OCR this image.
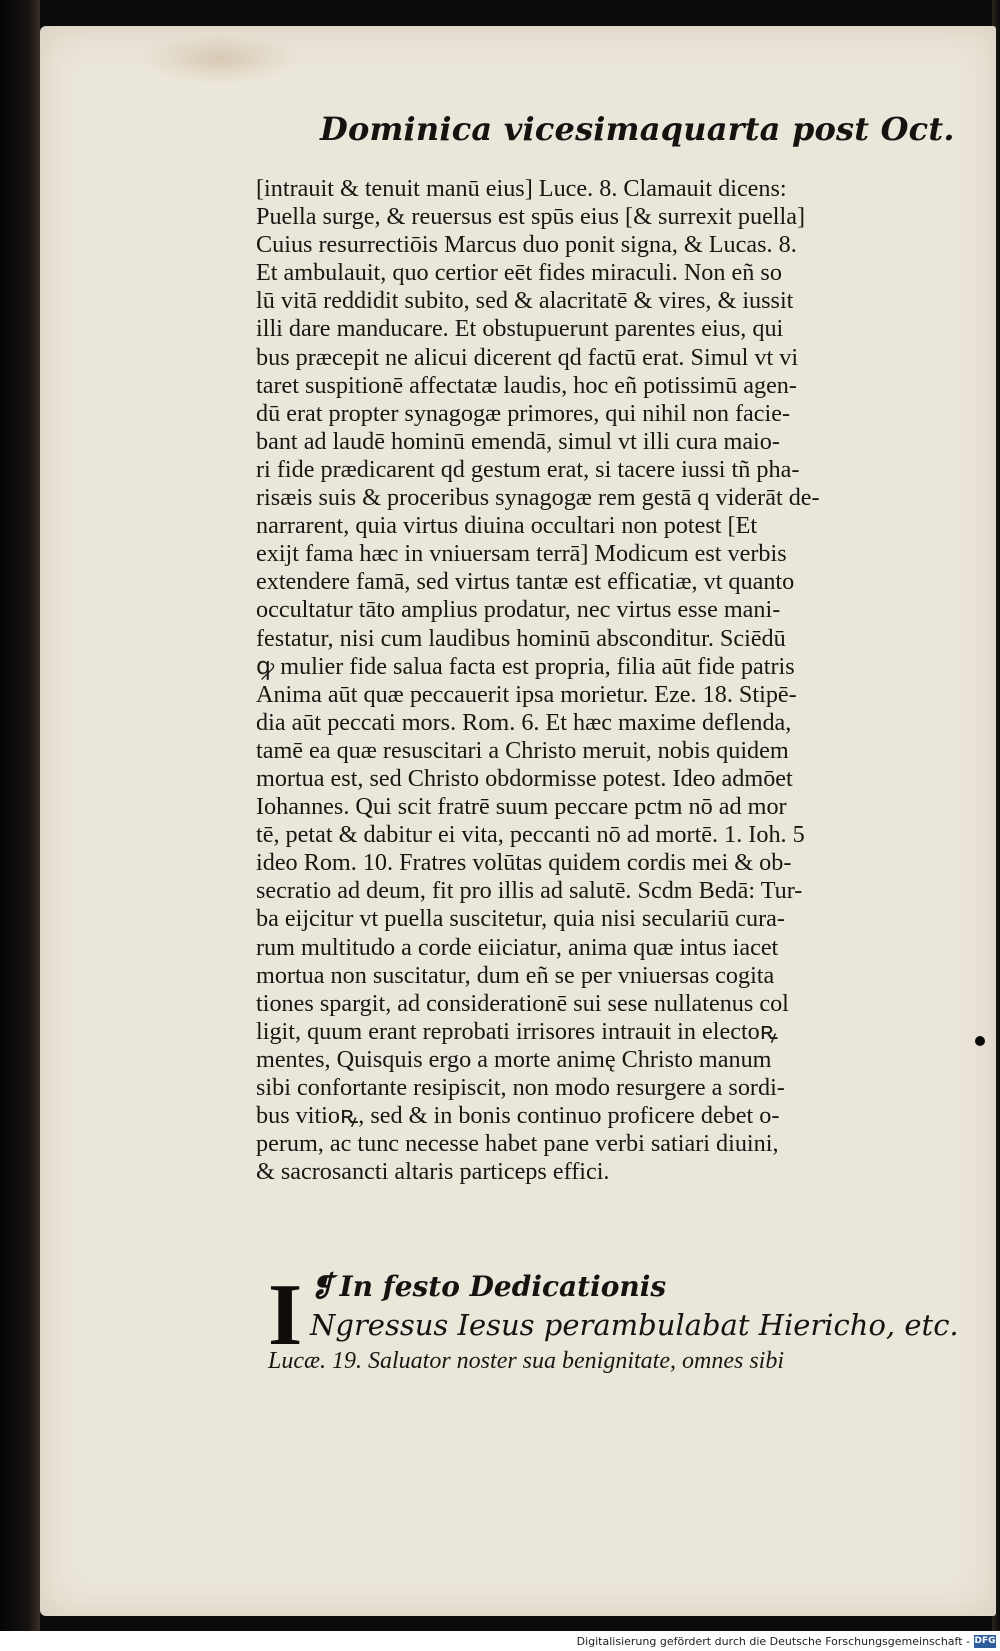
Dominica vicesimaquarta post Oct.
[intrauit & tenuit manū eius] Luce. 8. Clamauit dicens:
Puella surge, & reuersus est spūs eius [& surrexit puella]
Cuius resurrectiōis Marcus duo ponit signa, & Lucas. 8.
Et ambulauit, quo certior eēt fides miraculi. Non eñ so
lū vitā reddidit subito, sed & alacritatē & vires, & iussit
illi dare manducare. Et obstupuerunt parentes eius, qui
bus præcepit ne alicui dicerent qd factū erat. Simul vt vi
taret suspitionē affectatæ laudis, hoc eñ potissimū agen-
dū erat propter synagogæ primores, qui nihil non facie-
bant ad laudē hominū emendā, simul vt illi cura maio-
ri fide prædicarent qd gestum erat, si tacere iussi tñ pha-
risæis suis & proceribus synagogæ rem gestā q viderāt de-
narrarent, quia virtus diuina occultari non potest [Et
exijt fama hæc in vniuersam terrā] Modicum est verbis
extendere famā, sed virtus tantæ est efficatiæ, vt quanto
occultatur tāto amplius prodatur, nec virtus esse mani-
festatur, nisi cum laudibus hominū absconditur. Sciēdū
ꝙ mulier fide salua facta est propria, filia aūt fide patris
Anima aūt quæ peccauerit ipsa morietur. Eze. 18. Stipē-
dia aūt peccati mors. Rom. 6. Et hæc maxime deflenda,
tamē ea quæ resuscitari a Christo meruit, nobis quidem
mortua est, sed Christo obdormisse potest. Ideo admōet
Iohannes. Qui scit fratrē suum peccare pctm nō ad mor
tē, petat & dabitur ei vita, peccanti nō ad mortē. 1. Ioh. 5
ideo Rom. 10. Fratres volūtas quidem cordis mei & ob-
secratio ad deum, fit pro illis ad salutē. Scdm Bedā: Tur-
ba eijcitur vt puella suscitetur, quia nisi seculariū cura-
rum multitudo a corde eiiciatur, anima quæ intus iacet
mortua non suscitatur, dum eñ se per vniuersas cogita
tiones spargit, ad considerationē sui sese nullatenus col
ligit, quum erant reprobati irrisores intrauit in electoꝶ
mentes, Quisquis ergo a morte animę Christo manum
sibi confortante resipiscit, non modo resurgere a sordi-
bus vitioꝶ, sed & in bonis continuo proficere debet o-
perum, ac tunc necesse habet pane verbi satiari diuini,
& sacrosancti altaris particeps effici.
I ❡ In festo Dedicationis
Ngressus Iesus perambulabat Hiericho, etc.
Lucæ. 19. Saluator noster sua benignitate, omnes sibi
Digitalisierung gefördert durch die Deutsche Forschungsgemeinschaft - DFG
